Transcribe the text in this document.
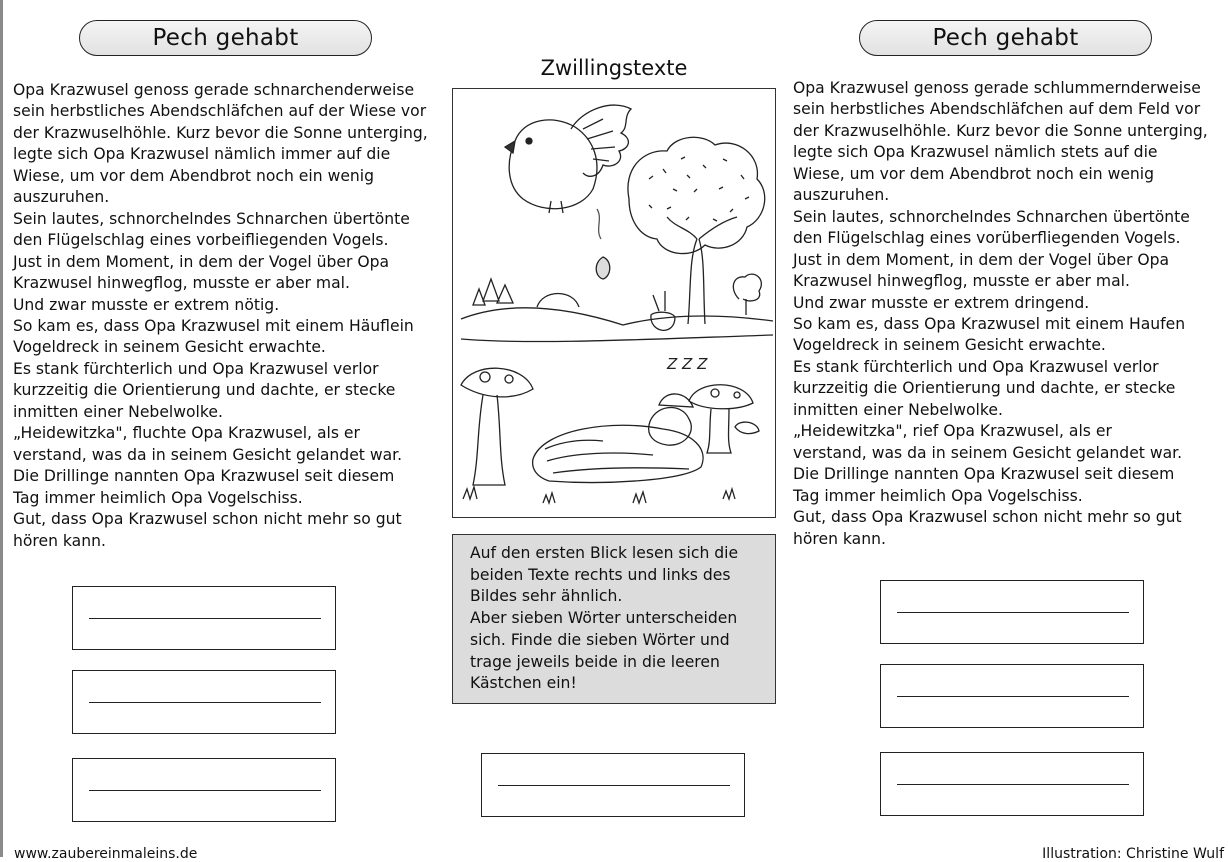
Pech gehabt	Pech gehabt

Opa Krazwusel genoss gerade schnarchenderweise

sein herbstliches Abendschläfchen auf der Wiese vor

der Krazwuselhöhle. Kurz bevor die Sonne unterging,

legte sich Opa Krazwusel nämlich immer auf die

Wiese, um vor dem Abendbrot noch ein wenig

auszuruhen.

Sein lautes, schnorchelndes Schnarchen übertönte

den Flügelschlag eines vorbeifliegenden Vogels.

Just in dem Moment, in dem der Vogel über Opa

Krazwusel hinwegflog, musste er aber mal.

Und zwar musste er extrem nötig.

So kam es, dass Opa Krazwusel mit einem Häuflein

Vogeldreck in seinem Gesicht erwachte.

Es stank fürchterlich und Opa Krazwusel verlor

kurzzeitig die Orientierung und dachte, er stecke

inmitten einer Nebelwolke.

„Heidewitzka", fluchte Opa Krazwusel, als er

verstand, was da in seinem Gesicht gelandet war.

Die Drillinge nannten Opa Krazwusel seit diesem

Tag immer heimlich Opa Vogelschiss.

Gut, dass Opa Krazwusel schon nicht mehr so gut

hören kann.

Opa Krazwusel genoss gerade schlummernderweise

sein herbstliches Abendschläfchen auf dem Feld vor

der Krazwuselhöhle. Kurz bevor die Sonne unterging,

legte sich Opa Krazwusel nämlich stets auf die

Wiese, um vor dem Abendbrot noch ein wenig

auszuruhen.

Sein lautes, schnorchelndes Schnarchen übertönte

den Flügelschlag eines vorüberfliegenden Vogels.

Just in dem Moment, in dem der Vogel über Opa

Krazwusel hinwegflog, musste er aber mal.

Und zwar musste er extrem dringend.

So kam es, dass Opa Krazwusel mit einem Haufen

Vogeldreck in seinem Gesicht erwachte.

Es stank fürchterlich und Opa Krazwusel verlor

kurzzeitig die Orientierung und dachte, er stecke

inmitten einer Nebelwolke.

„Heidewitzka", rief Opa Krazwusel, als er

verstand, was da in seinem Gesicht gelandet war.

Die Drillinge nannten Opa Krazwusel seit diesem

Tag immer heimlich Opa Vogelschiss.

Gut, dass Opa Krazwusel schon nicht mehr so gut

hören kann.

Zwillingstexte
Z Z Z

Auf den ersten Blick lesen sich die

beiden Texte rechts und links des

Bildes sehr ähnlich.

Aber sieben Wörter unterscheiden

sich. Finde die sieben Wörter und

trage jeweils beide in die leeren

Kästchen ein!

www.zaubereinmaleins.de	Illustration: Christine Wulf
